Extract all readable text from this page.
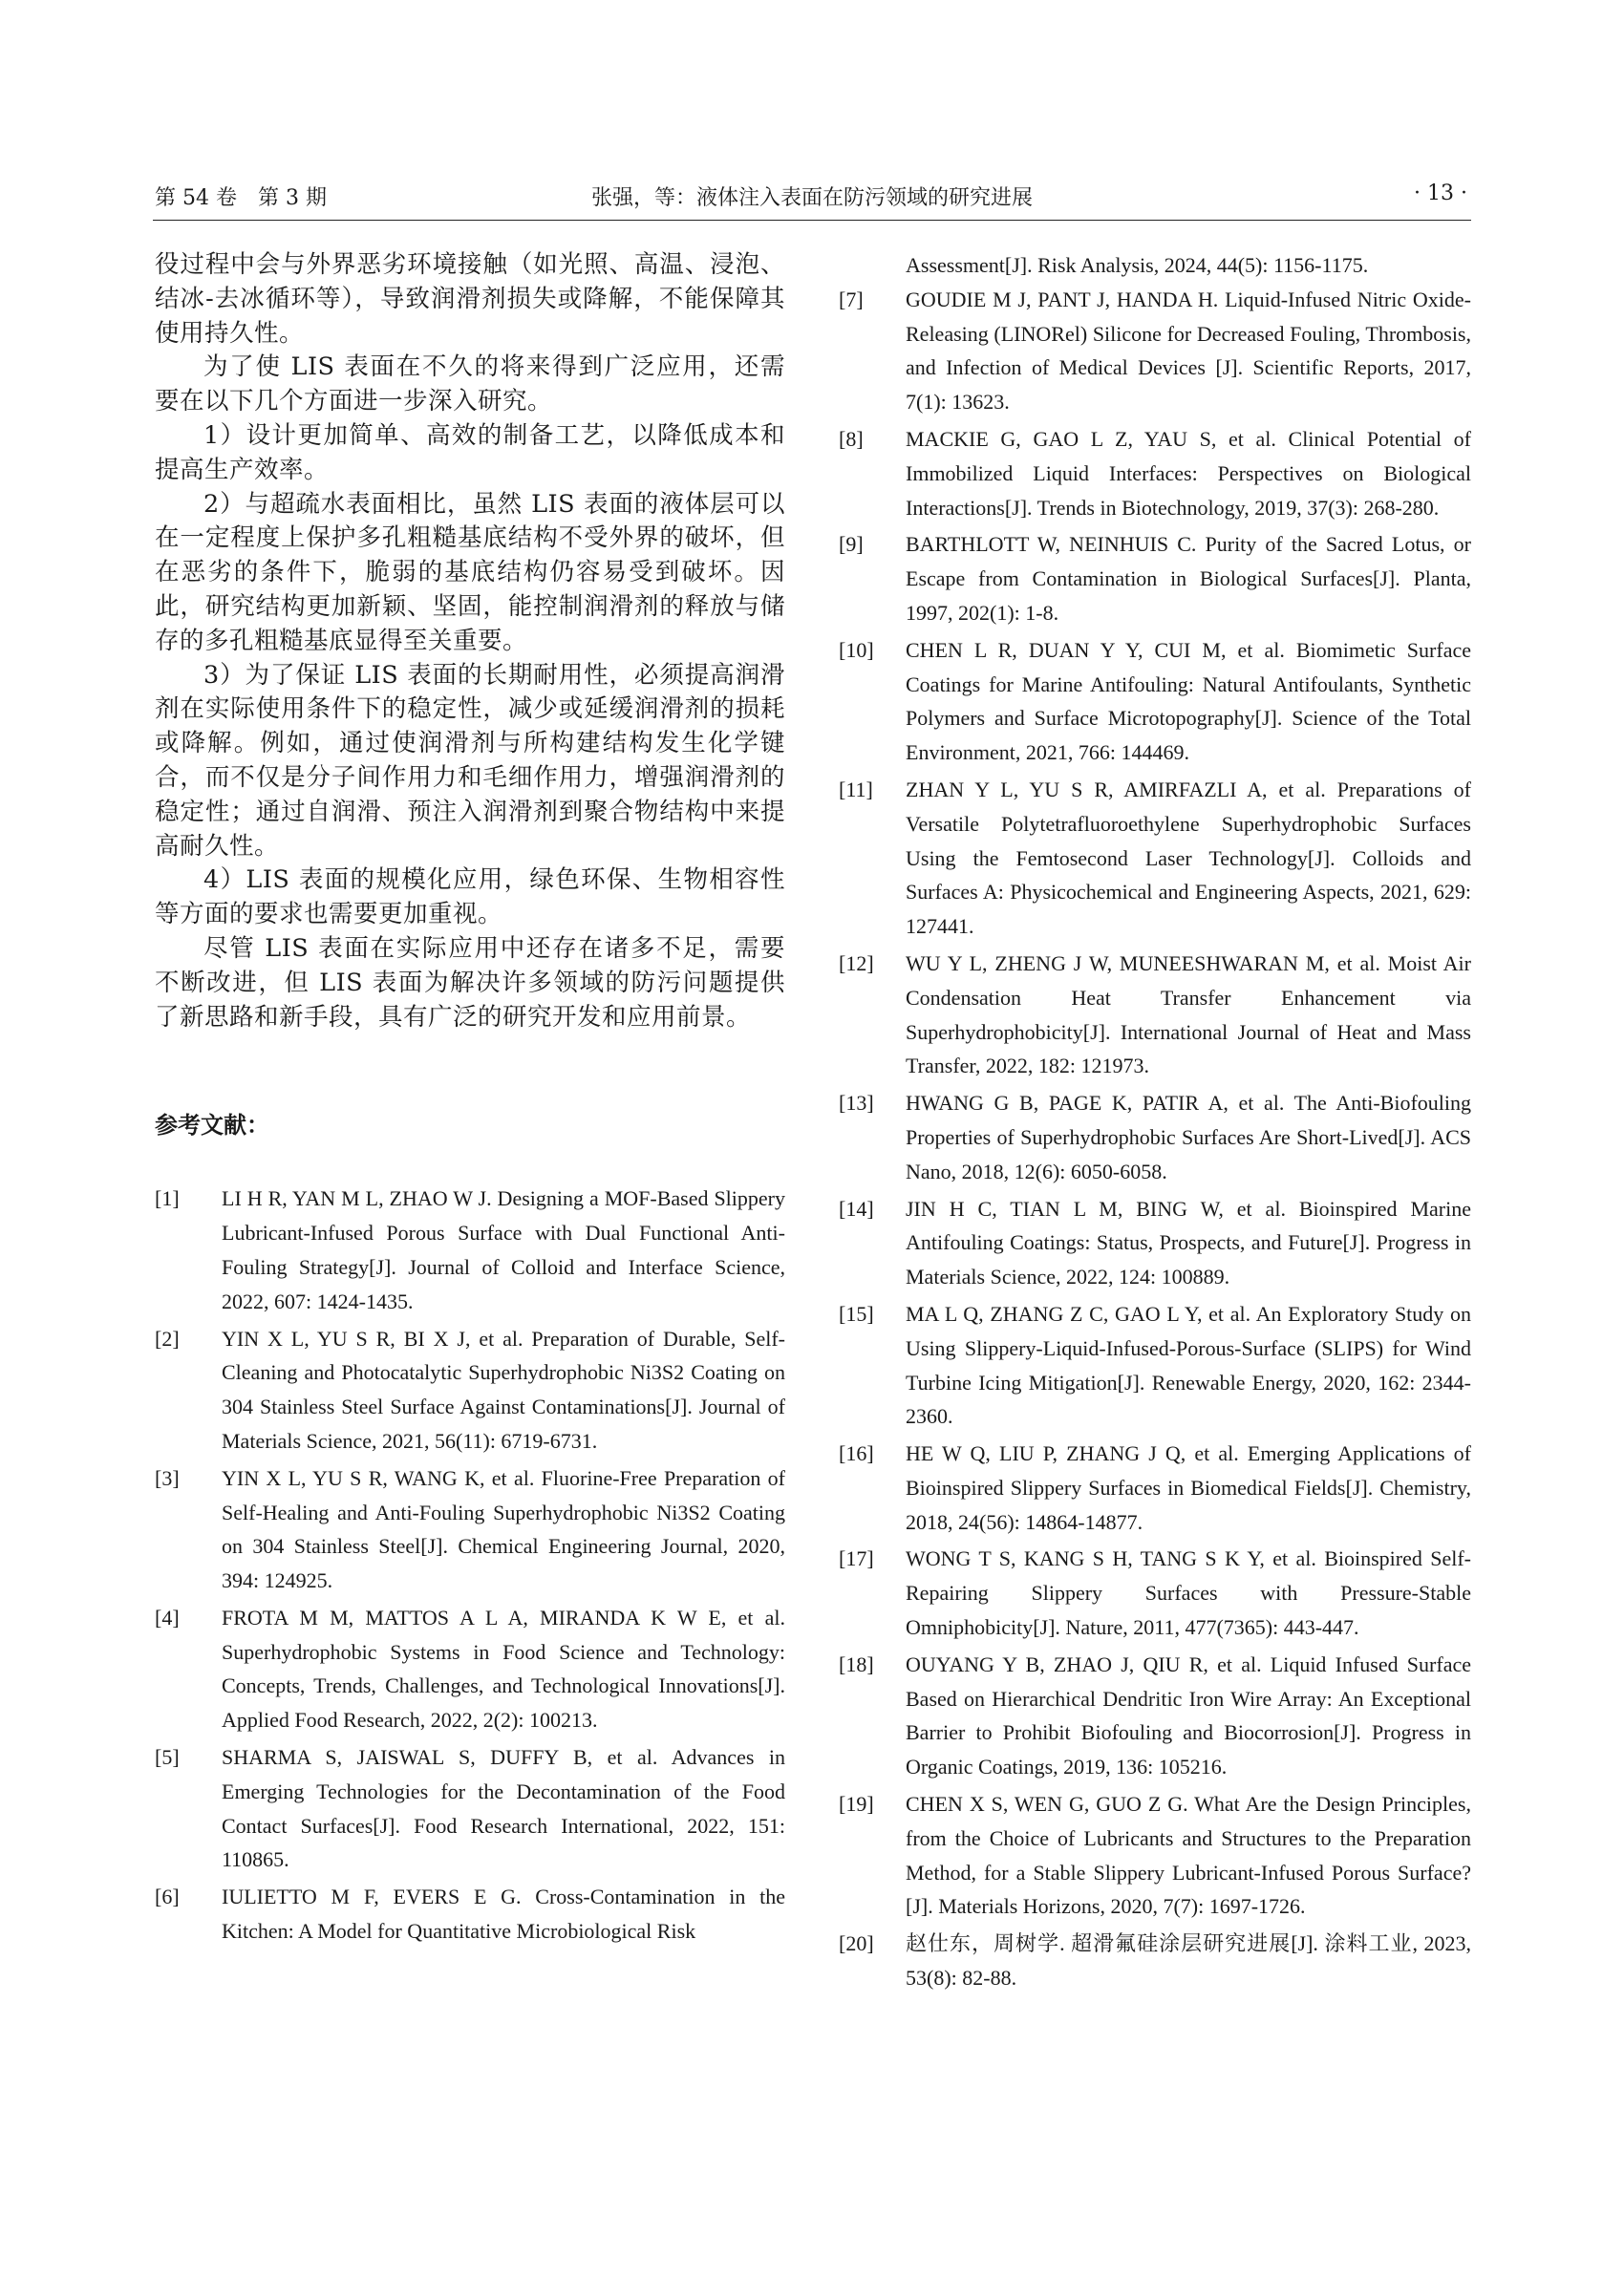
第 54 卷　第 3 期	张强，等：液体注入表面在防污领域的研究进展	· 13 ·

役过程中会与外界恶劣环境接触（如光照、高温、浸泡、结冰-去冰循环等），导致润滑剂损失或降解，不能保障其使用持久性。

为了使 LIS 表面在不久的将来得到广泛应用，还需要在以下几个方面进一步深入研究。

1）设计更加简单、高效的制备工艺，以降低成本和提高生产效率。

2）与超疏水表面相比，虽然 LIS 表面的液体层可以在一定程度上保护多孔粗糙基底结构不受外界的破坏，但在恶劣的条件下，脆弱的基底结构仍容易受到破坏。因此，研究结构更加新颖、坚固，能控制润滑剂的释放与储存的多孔粗糙基底显得至关重要。

3）为了保证 LIS 表面的长期耐用性，必须提高润滑剂在实际使用条件下的稳定性，减少或延缓润滑剂的损耗或降解。例如，通过使润滑剂与所构建结构发生化学键合，而不仅是分子间作用力和毛细作用力，增强润滑剂的稳定性；通过自润滑、预注入润滑剂到聚合物结构中来提高耐久性。

4）LIS 表面的规模化应用，绿色环保、生物相容性等方面的要求也需要更加重视。

尽管 LIS 表面在实际应用中还存在诸多不足，需要不断改进，但 LIS 表面为解决许多领域的防污问题提供了新思路和新手段，具有广泛的研究开发和应用前景。

参考文献：
[1]	LI H R, YAN M L, ZHAO W J. Designing a MOF-Based Slippery Lubricant-Infused Porous Surface with Dual Functional Anti-Fouling Strategy[J]. Journal of Colloid and Interface Science, 2022, 607: 1424-1435.
[2]	YIN X L, YU S R, BI X J, et al. Preparation of Durable, Self-Cleaning and Photocatalytic Superhydrophobic Ni3S2 Coating on 304 Stainless Steel Surface Against Contaminations[J]. Journal of Materials Science, 2021, 56(11): 6719-6731.
[3]	YIN X L, YU S R, WANG K, et al. Fluorine-Free Preparation of Self-Healing and Anti-Fouling Superhydrophobic Ni3S2 Coating on 304 Stainless Steel[J]. Chemical Engineering Journal, 2020, 394: 124925.
[4]	FROTA M M, MATTOS A L A, MIRANDA K W E, et al. Superhydrophobic Systems in Food Science and Technology: Concepts, Trends, Challenges, and Technological Innovations[J]. Applied Food Research, 2022, 2(2): 100213.
[5]	SHARMA S, JAISWAL S, DUFFY B, et al. Advances in Emerging Technologies for the Decontamination of the Food Contact Surfaces[J]. Food Research International, 2022, 151: 110865.
[6]	IULIETTO M F, EVERS E G. Cross-Contamination in the Kitchen: A Model for Quantitative Microbiological Risk
Assessment[J]. Risk Analysis, 2024, 44(5): 1156-1175.
[7]	GOUDIE M J, PANT J, HANDA H. Liquid-Infused Nitric Oxide-Releasing (LINORel) Silicone for Decreased Fouling, Thrombosis, and Infection of Medical Devices [J]. Scientific Reports, 2017, 7(1): 13623.
[8]	MACKIE G, GAO L Z, YAU S, et al. Clinical Potential of Immobilized Liquid Interfaces: Perspectives on Biological Interactions[J]. Trends in Biotechnology, 2019, 37(3): 268-280.
[9]	BARTHLOTT W, NEINHUIS C. Purity of the Sacred Lotus, or Escape from Contamination in Biological Surfaces[J]. Planta, 1997, 202(1): 1-8.
[10]	CHEN L R, DUAN Y Y, CUI M, et al. Biomimetic Surface Coatings for Marine Antifouling: Natural Antifoulants, Synthetic Polymers and Surface Microtopography[J]. Science of the Total Environment, 2021, 766: 144469.
[11]	ZHAN Y L, YU S R, AMIRFAZLI A, et al. Preparations of Versatile Polytetrafluoroethylene Superhydrophobic Surfaces Using the Femtosecond Laser Technology[J]. Colloids and Surfaces A: Physicochemical and Engineering Aspects, 2021, 629: 127441.
[12]	WU Y L, ZHENG J W, MUNEESHWARAN M, et al. Moist Air Condensation Heat Transfer Enhancement via Superhydrophobicity[J]. International Journal of Heat and Mass Transfer, 2022, 182: 121973.
[13]	HWANG G B, PAGE K, PATIR A, et al. The Anti-Biofouling Properties of Superhydrophobic Surfaces Are Short-Lived[J]. ACS Nano, 2018, 12(6): 6050-6058.
[14]	JIN H C, TIAN L M, BING W, et al. Bioinspired Marine Antifouling Coatings: Status, Prospects, and Future[J]. Progress in Materials Science, 2022, 124: 100889.
[15]	MA L Q, ZHANG Z C, GAO L Y, et al. An Exploratory Study on Using Slippery-Liquid-Infused-Porous-Surface (SLIPS) for Wind Turbine Icing Mitigation[J]. Renewable Energy, 2020, 162: 2344-2360.
[16]	HE W Q, LIU P, ZHANG J Q, et al. Emerging Applications of Bioinspired Slippery Surfaces in Biomedical Fields[J]. Chemistry, 2018, 24(56): 14864-14877.
[17]	WONG T S, KANG S H, TANG S K Y, et al. Bioinspired Self-Repairing Slippery Surfaces with Pressure-Stable Omniphobicity[J]. Nature, 2011, 477(7365): 443-447.
[18]	OUYANG Y B, ZHAO J, QIU R, et al. Liquid Infused Surface Based on Hierarchical Dendritic Iron Wire Array: An Exceptional Barrier to Prohibit Biofouling and Biocorrosion[J]. Progress in Organic Coatings, 2019, 136: 105216.
[19]	CHEN X S, WEN G, GUO Z G. What Are the Design Principles, from the Choice of Lubricants and Structures to the Preparation Method, for a Stable Slippery Lubricant-Infused Porous Surface?[J]. Materials Horizons, 2020, 7(7): 1697-1726.
[20]	赵仕东，周树学. 超滑氟硅涂层研究进展[J]. 涂料工业, 2023, 53(8): 82-88.
